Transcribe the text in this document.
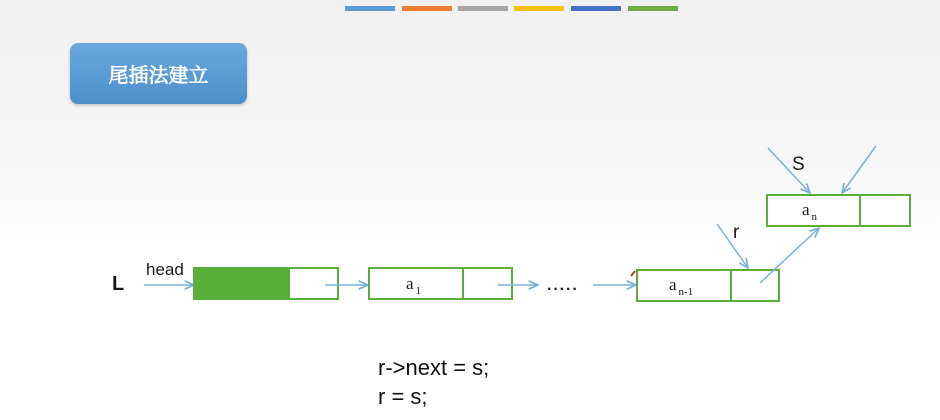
尾插法建立
L
head
a $_1$	·····	a $_{n-1}$
r
a $_n$
S
r->next = s;
r = s;
